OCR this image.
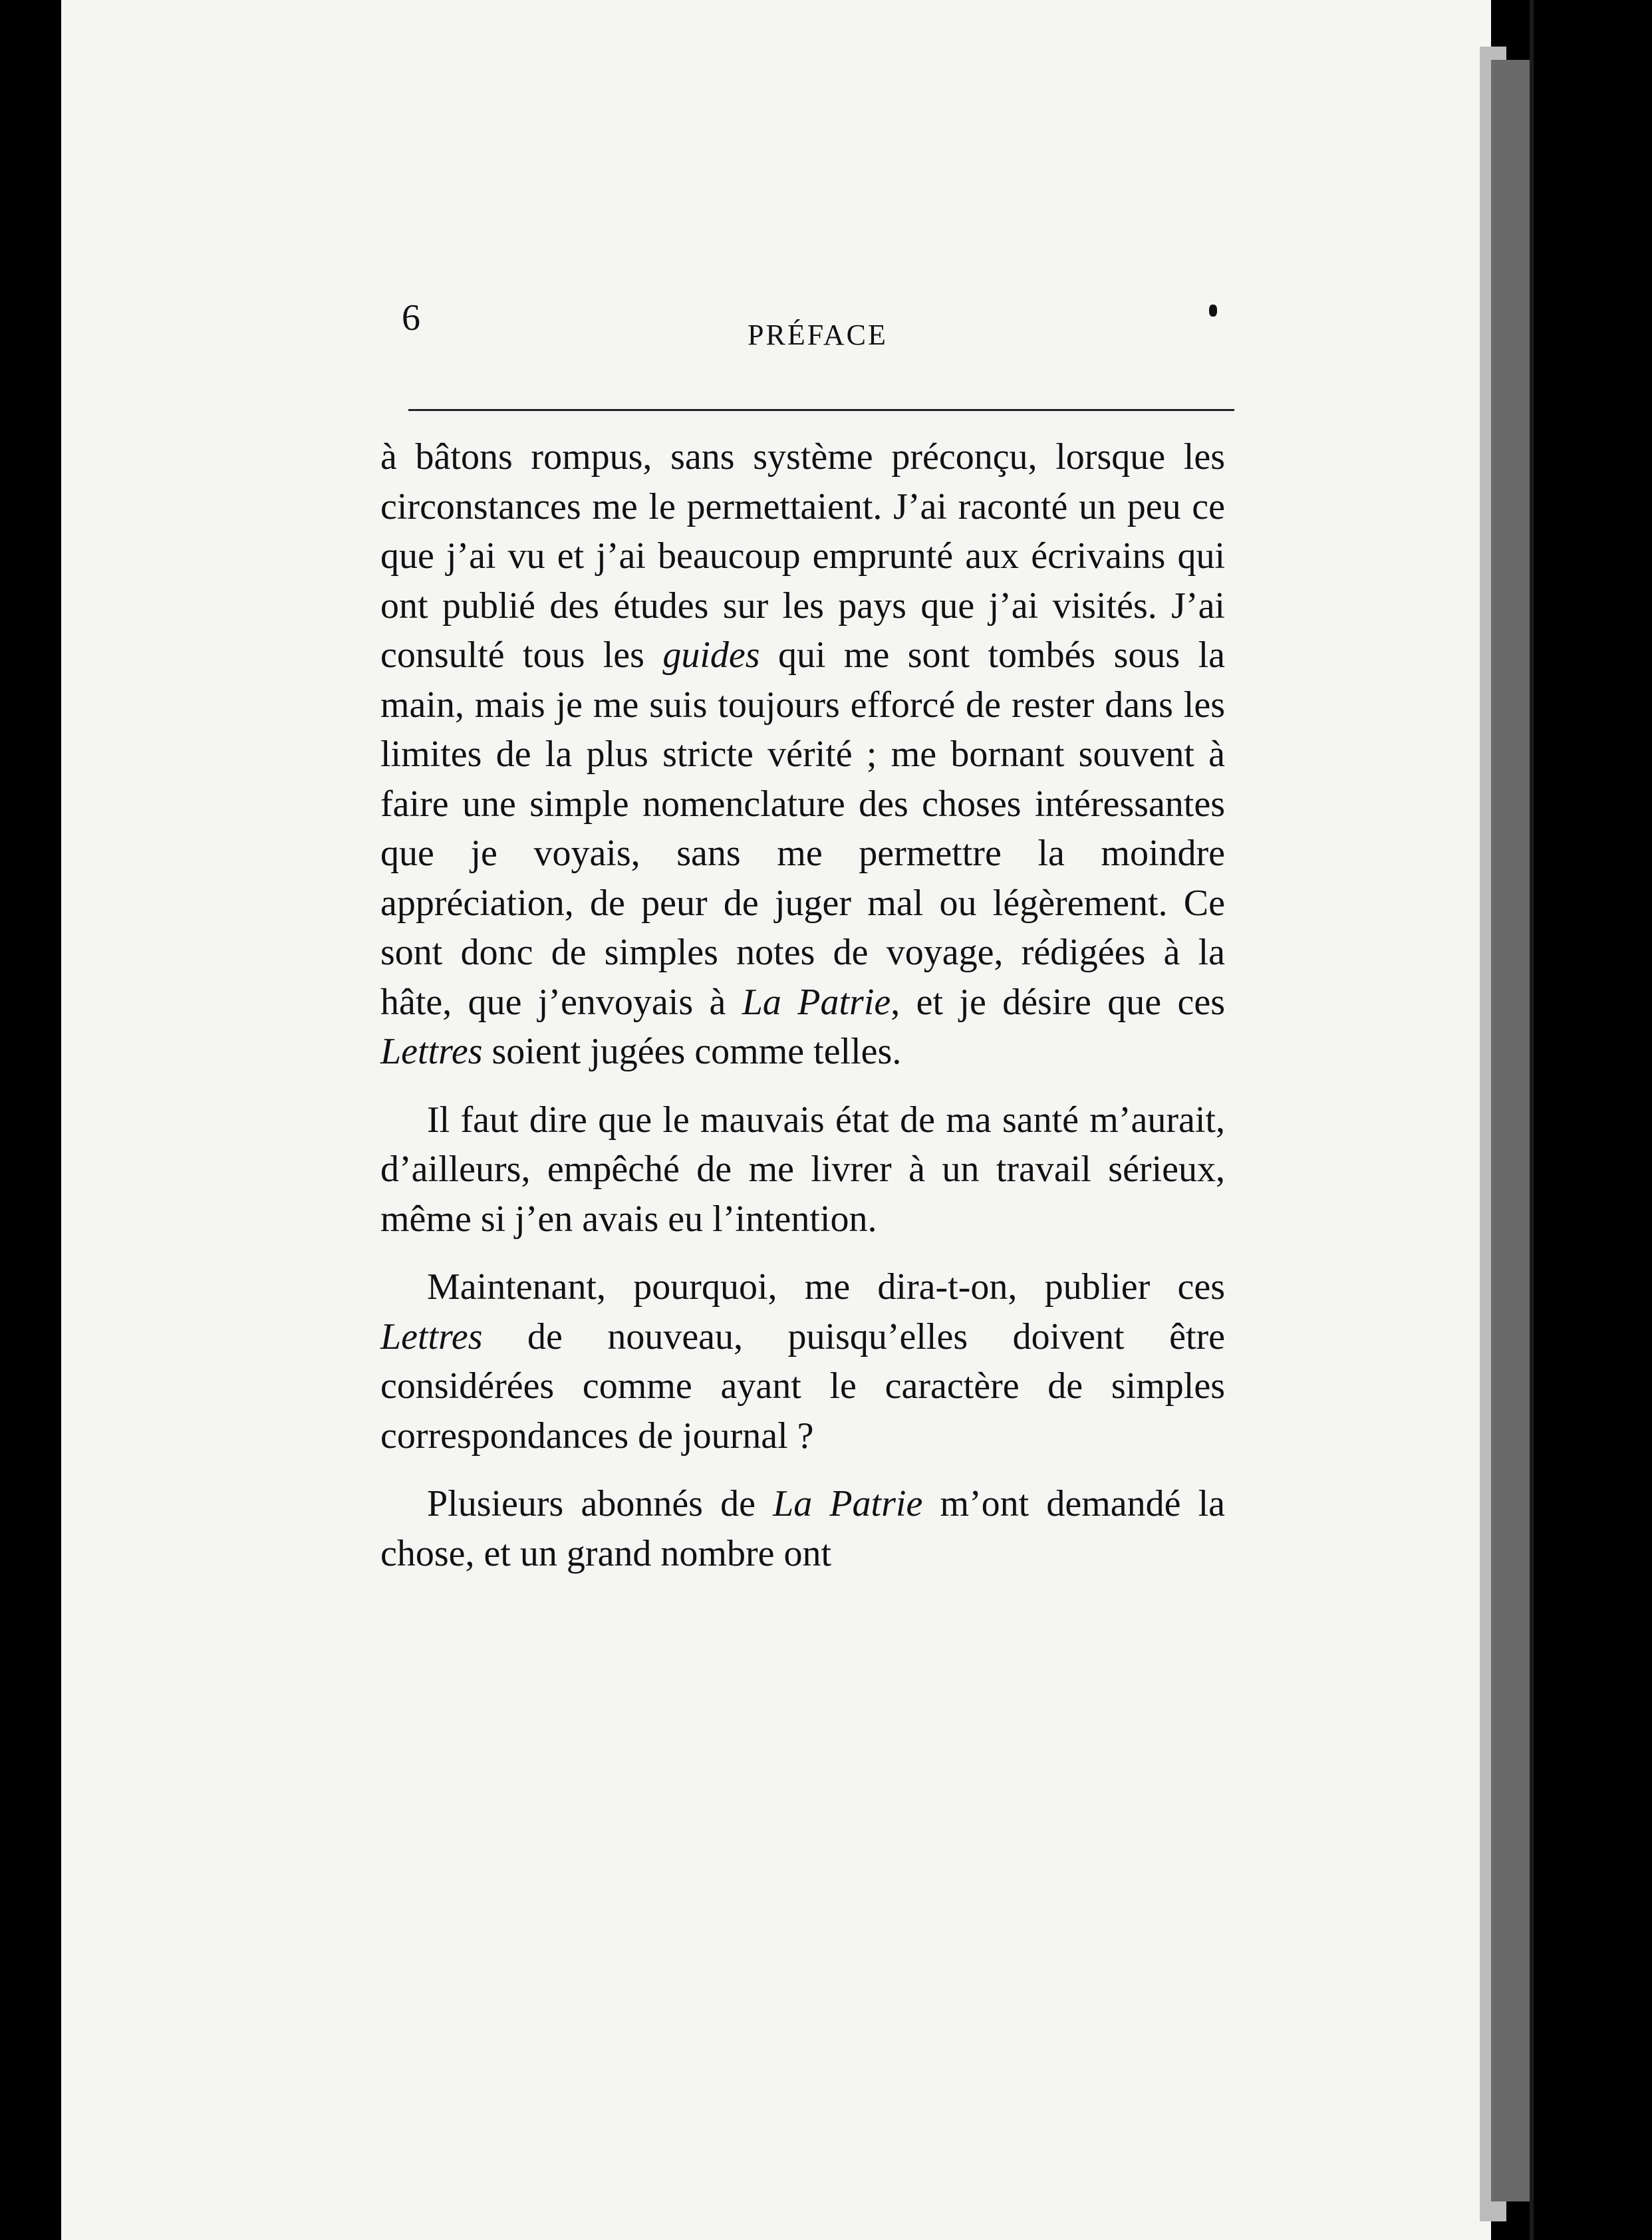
6	PRÉFACE

à bâtons rompus, sans système préconçu, lorsque les circonstances me le permettaient. J’ai raconté un peu ce que j’ai vu et j’ai beaucoup emprunté aux écrivains qui ont publié des études sur les pays que j’ai visités. J’ai consulté tous les guides qui me sont tombés sous la main, mais je me suis toujours efforcé de rester dans les limites de la plus stricte vérité ; me bornant souvent à faire une simple nomenclature des choses intéressantes que je voyais, sans me permettre la moindre appréciation, de peur de juger mal ou légèrement. Ce sont donc de simples notes de voyage, rédigées à la hâte, que j’envoyais à La Patrie, et je désire que ces Lettres soient jugées comme telles.

Il faut dire que le mauvais état de ma santé m’aurait, d’ailleurs, empêché de me livrer à un travail sérieux, même si j’en avais eu l’intention.

Maintenant, pourquoi, me dira-t-on, publier ces Lettres de nouveau, puisqu’elles doivent être considérées comme ayant le caractère de simples correspondances de journal ?

Plusieurs abonnés de La Patrie m’ont demandé la chose, et un grand nombre ont
